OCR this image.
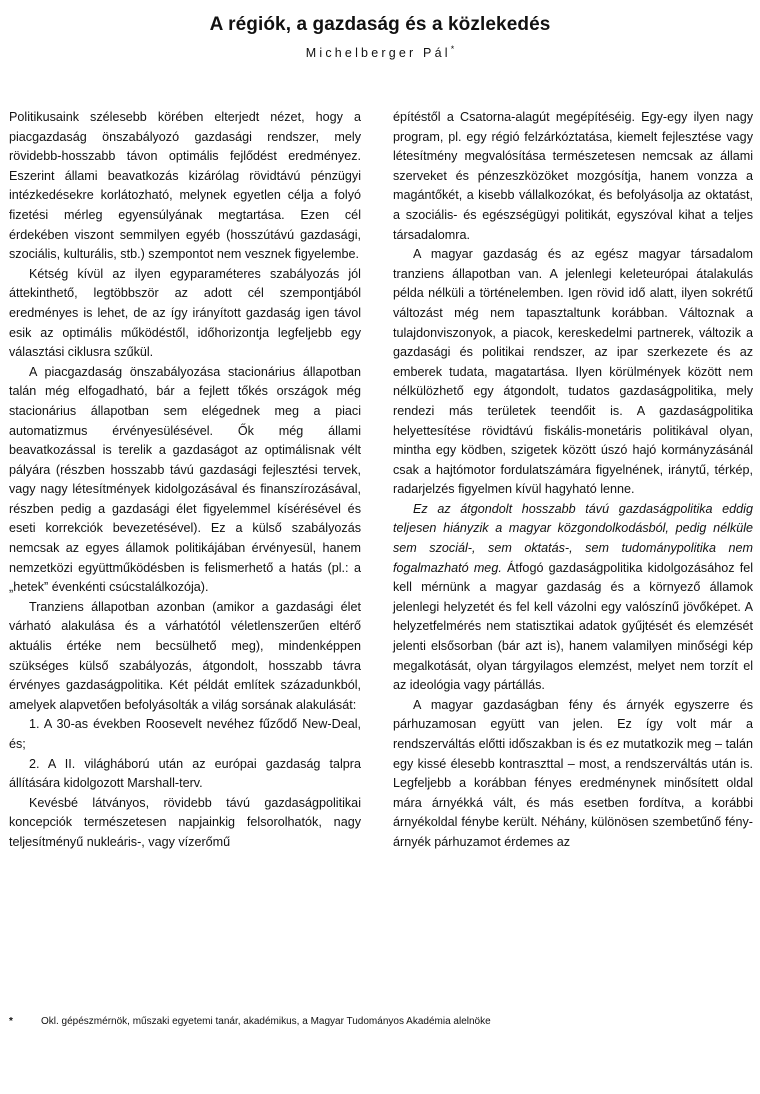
A régiók, a gazdaság és a közlekedés
Michelberger Pál*

Politikusaink szélesebb körében elterjedt nézet, hogy a piacgazdaság önszabályozó gazdasági rendszer, mely rövidebb-hosszabb távon optimális fejlődést eredményez. Eszerint állami beavatkozás kizárólag rövidtávú pénzügyi intézkedésekre korlátozható, melynek egyetlen célja a folyó fizetési mérleg egyensúlyának megtartása. Ezen cél érdekében viszont semmilyen egyéb (hosszútávú gazdasági, szociális, kulturális, stb.) szempontot nem vesznek figyelembe.

Kétség kívül az ilyen egyparaméteres szabályozás jól áttekinthető, legtöbbször az adott cél szempontjából eredményes is lehet, de az így irányított gazdaság igen távol esik az optimális működéstől, időhorizontja legfeljebb egy választási ciklusra szűkül.

A piacgazdaság önszabályozása stacionárius állapotban talán még elfogadható, bár a fejlett tőkés országok még stacionárius állapotban sem elégednek meg a piaci automatizmus érvényesülésével. Ők még állami beavatkozással is terelik a gazdaságot az optimálisnak vélt pályára (részben hosszabb távú gazdasági fejlesztési tervek, vagy nagy létesítmények kidolgozásával és finanszírozásával, részben pedig a gazdasági élet figyelemmel kísérésével és eseti korrekciók bevezetésével). Ez a külső szabályozás nemcsak az egyes államok politikájában érvényesül, hanem nemzetközi együttműködésben is felismerhető a hatás (pl.: a „hetek” évenkénti csúcstalálkozója).

Tranziens állapotban azonban (amikor a gazdasági élet várható alakulása és a várhatótól véletlenszerűen eltérő aktuális értéke nem becsülhető meg), mindenképpen szükséges külső szabályozás, átgondolt, hosszabb távra érvényes gazdaságpolitika. Két példát említek századunkból, amelyek alapvetően befolyásolták a világ sorsának alakulását:

1. A 30-as években Roosevelt nevéhez fűződő New-Deal, és;

2. A II. világháború után az európai gazdaság talpra állítására kidolgozott Marshall-terv.

Kevésbé látványos, rövidebb távú gazdaságpolitikai koncepciók természetesen napjainkig felsorolhatók, nagy teljesítményű nukleáris-, vagy vízerőmű

építéstől a Csatorna-alagút megépítéséig. Egy-egy ilyen nagy program, pl. egy régió felzárkóztatása, kiemelt fejlesztése vagy létesítmény megvalósítása természetesen nemcsak az állami szerveket és pénzeszközöket mozgósítja, hanem vonzza a magántőkét, a kisebb vállalkozókat, és befolyásolja az oktatást, a szociális- és egészségügyi politikát, egyszóval kihat a teljes társadalomra.

A magyar gazdaság és az egész magyar társadalom tranziens állapotban van. A jelenlegi keleteurópai átalakulás példa nélküli a történelemben. Igen rövid idő alatt, ilyen sokrétű változást még nem tapasztaltunk korábban. Változnak a tulajdonviszonyok, a piacok, kereskedelmi partnerek, változik a gazdasági és politikai rendszer, az ipar szerkezete és az emberek tudata, magatartása. Ilyen körülmények között nem nélkülözhető egy átgondolt, tudatos gazdaságpolitika, mely rendezi más területek teendőit is. A gazdaságpolitika helyettesítése rövidtávú fiskális-monetáris politikával olyan, mintha egy ködben, szigetek között úszó hajó kormányzásánál csak a hajtómotor fordulatszámára figyelnének, iránytű, térkép, radarjelzés figyelmen kívül hagyható lenne.

Ez az átgondolt hosszabb távú gazdaságpolitika eddig teljesen hiányzik a magyar közgondolkodásból, pedig nélküle sem szociál-, sem oktatás-, sem tudománypolitika nem fogalmazható meg. Átfogó gazdaságpolitika kidolgozásához fel kell mérnünk a magyar gazdaság és a környező államok jelenlegi helyzetét és fel kell vázolni egy valószínű jövőképet. A helyzetfelmérés nem statisztikai adatok gyűjtését és elemzését jelenti elsősorban (bár azt is), hanem valamilyen minőségi kép megalkotását, olyan tárgyilagos elemzést, melyet nem torzít el az ideológia vagy pártállás.

A magyar gazdaságban fény és árnyék egyszerre és párhuzamosan együtt van jelen. Ez így volt már a rendszerváltás előtti időszakban is és ez mutatkozik meg – talán egy kissé élesebb kontraszttal – most, a rendszerváltás után is. Legfeljebb a korábban fényes eredménynek minősített oldal mára árnyékká vált, és más esetben fordítva, a korábbi árnyékoldal fénybe került. Néhány, különösen szembetűnő fény-árnyék párhuzamot érdemes az

*	Okl. gépészmérnök, műszaki egyetemi tanár, akadémikus, a Magyar Tudományos Akadémia alelnöke
